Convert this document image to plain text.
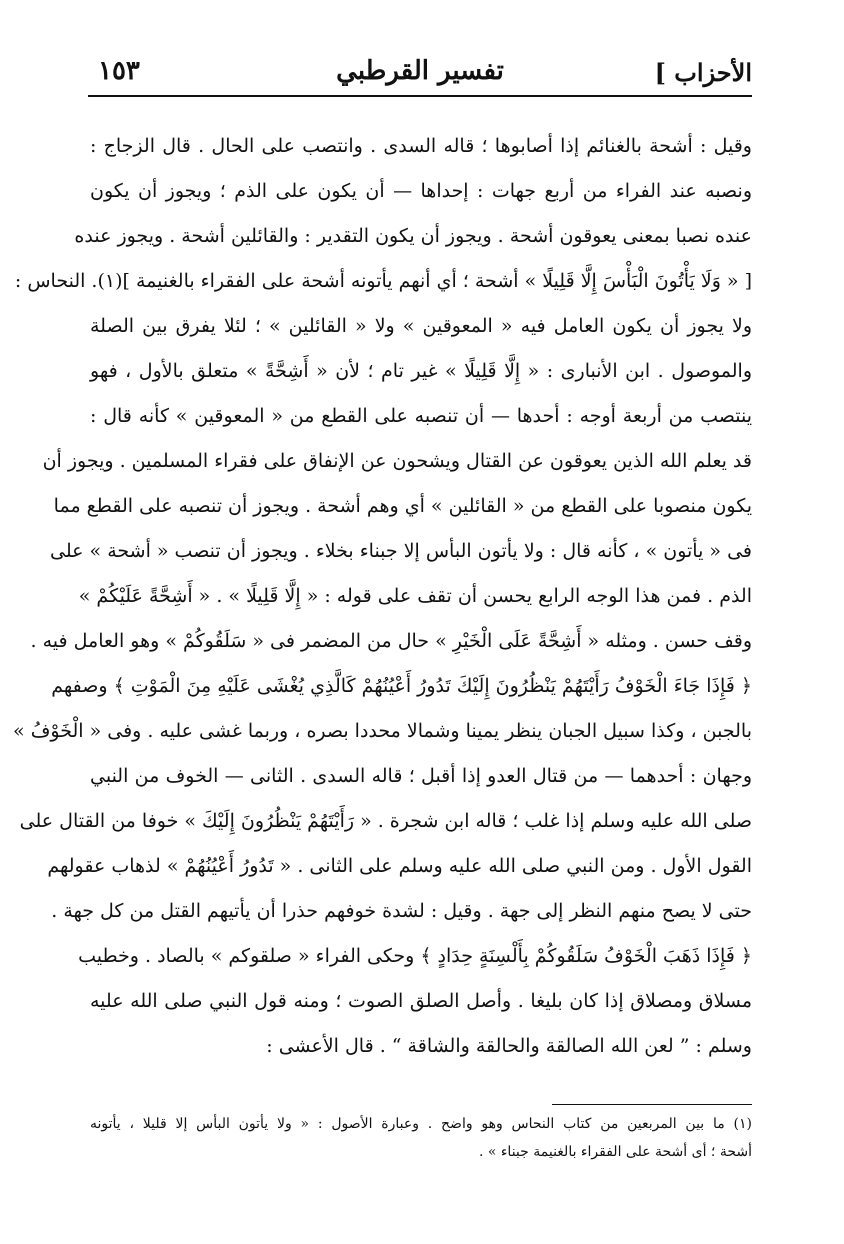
الأحزاب ]
تفسير القرطبي
١٥٣
وقيل : أشحة بالغنائم إذا أصابوها ؛ قاله السدى . وانتصب على الحال . قال الزجاج :
ونصبه عند الفراء من أربع جهات : إحداها — أن يكون على الذم ؛ ويجوز أن يكون
عنده نصبا بمعنى يعوقون أشحة . ويجوز أن يكون التقدير : والقائلين أشحة . ويجوز عنده
[ « وَلَا يَأْتُونَ الْبَأْسَ إِلَّا قَلِيلًا » أشحة ؛ أي أنهم يأتونه أشحة على الفقراء بالغنيمة ](١). النحاس :
ولا يجوز أن يكون العامل فيه « المعوقين » ولا « القائلين » ؛ لئلا يفرق بين الصلة
والموصول . ابن الأنبارى : « إِلَّا قَلِيلًا » غير تام ؛ لأن « أَشِحَّةً » متعلق بالأول ، فهو
ينتصب من أربعة أوجه : أحدها — أن تنصبه على القطع من « المعوقين » كأنه قال :
قد يعلم الله الذين يعوقون عن القتال ويشحون عن الإنفاق على فقراء المسلمين . ويجوز أن
يكون منصوبا على القطع من « القائلين » أي وهم أشحة . ويجوز أن تنصبه على القطع مما
فى « يأتون » ، كأنه قال : ولا يأتون البأس إلا جبناء بخلاء . ويجوز أن تنصب « أشحة » على
الذم . فمن هذا الوجه الرابع يحسن أن تقف على قوله : « إِلَّا قَلِيلًا » . « أَشِحَّةً عَلَيْكُمْ »
وقف حسن . ومثله « أَشِحَّةً عَلَى الْخَيْرِ » حال من المضمر فى « سَلَقُوكُمْ » وهو العامل فيه .
﴿ فَإِذَا جَاءَ الْخَوْفُ رَأَيْتَهُمْ يَنْظُرُونَ إِلَيْكَ تَدُورُ أَعْيُنُهُمْ كَالَّذِي يُغْشَى عَلَيْهِ مِنَ الْمَوْتِ ﴾ وصفهم
بالجبن ، وكذا سبيل الجبان ينظر يمينا وشمالا محددا بصره ، وربما غشى عليه . وفى « الْخَوْفُ »
وجهان : أحدهما — من قتال العدو إذا أقبل ؛ قاله السدى . الثانى — الخوف من النبي
صلى الله عليه وسلم إذا غلب ؛ قاله ابن شجرة . « رَأَيْتَهُمْ يَنْظُرُونَ إِلَيْكَ » خوفا من القتال على
القول الأول . ومن النبي صلى الله عليه وسلم على الثانى . « تَدُورُ أَعْيُنُهُمْ » لذهاب عقولهم
حتى لا يصح منهم النظر إلى جهة . وقيل : لشدة خوفهم حذرا أن يأتيهم القتل من كل جهة .
﴿ فَإِذَا ذَهَبَ الْخَوْفُ سَلَقُوكُمْ بِأَلْسِنَةٍ حِدَادٍ ﴾ وحكى الفراء « صلقوكم » بالصاد . وخطيب
مسلاق ومصلاق إذا كان بليغا . وأصل الصلق الصوت ؛ ومنه قول النبي صلى الله عليه
وسلم : ” لعن الله الصالقة والحالقة والشاقة “ . قال الأعشى :
(١) ما بين المربعين من كتاب النحاس وهو واضح . وعبارة الأصول : « ولا يأتون البأس إلا قليلا ، يأتونه
أشحة ؛ أى أشحة على الفقراء بالغنيمة جبناء » .
